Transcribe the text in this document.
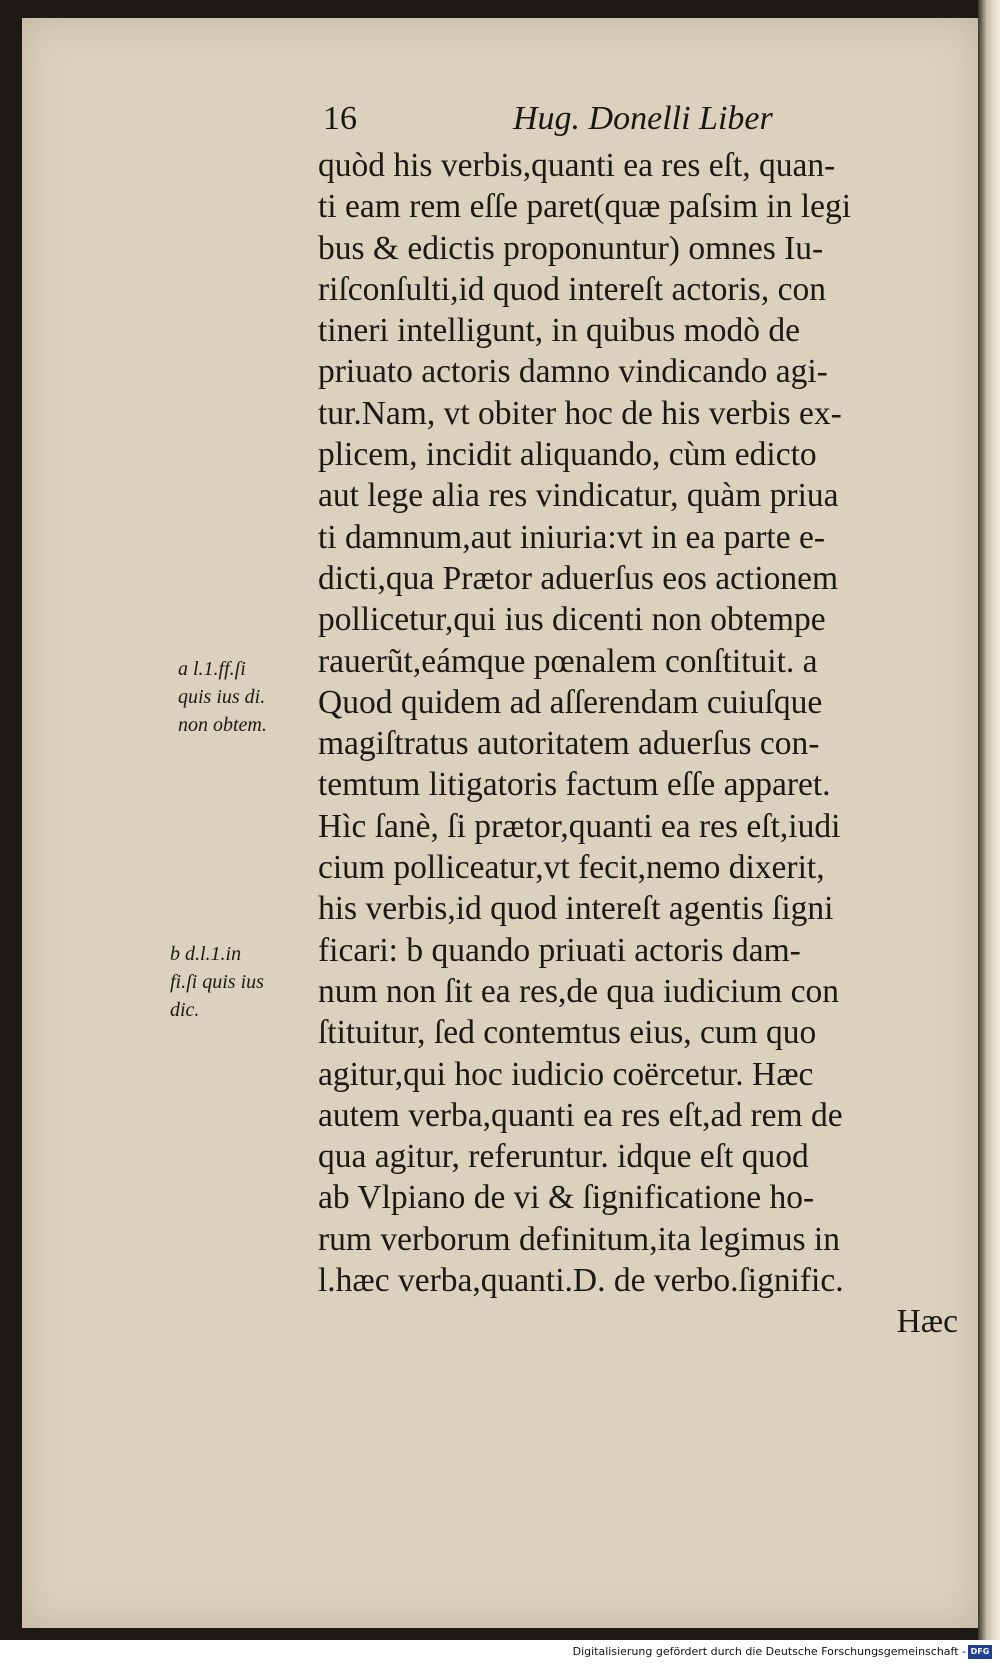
16	Hug. Donelli Liber
quòd his verbis,quanti ea res eſt, quan-
ti eam rem eſſe paret(quæ paſsim in legi
bus & edictis proponuntur) omnes Iu-
riſconſulti,id quod intereſt actoris, con
tineri intelligunt, in quibus modò de
priuato actoris damno vindicando agi-
tur.Nam, vt obiter hoc de his verbis ex-
plicem, incidit aliquando, cùm edicto
aut lege alia res vindicatur, quàm priua
ti damnum,aut iniuria:vt in ea parte e-
dicti,qua Prætor aduerſus eos actionem
pollicetur,qui ius dicenti non obtempe
rauerũt,eámque pœnalem conſtituit. a
Quod quidem ad aſſerendam cuiuſque
magiſtratus autoritatem aduerſus con-
temtum litigatoris factum eſſe apparet.
Hìc ſanè, ſi prætor,quanti ea res eſt,iudi
cium polliceatur,vt fecit,nemo dixerit,
his verbis,id quod intereſt agentis ſigni
ficari: b quando priuati actoris dam-
num non ſit ea res,de qua iudicium con
ſtituitur, ſed contemtus eius, cum quo
agitur,qui hoc iudicio coërcetur. Hæc
autem verba,quanti ea res eſt,ad rem de
qua agitur, referuntur. idque eſt quod
ab Vlpiano de vi & ſignificatione ho-
rum verborum definitum,ita legimus in
l.hæc verba,quanti.D. de verbo.ſignific.
Hæc
a l.1.ff.ſi
quis ius di.
non obtem.
b d.l.1.in
fi.ſi quis ius
dic.
Digitalisierung gefördert durch die Deutsche Forschungsgemeinschaft - DFG
